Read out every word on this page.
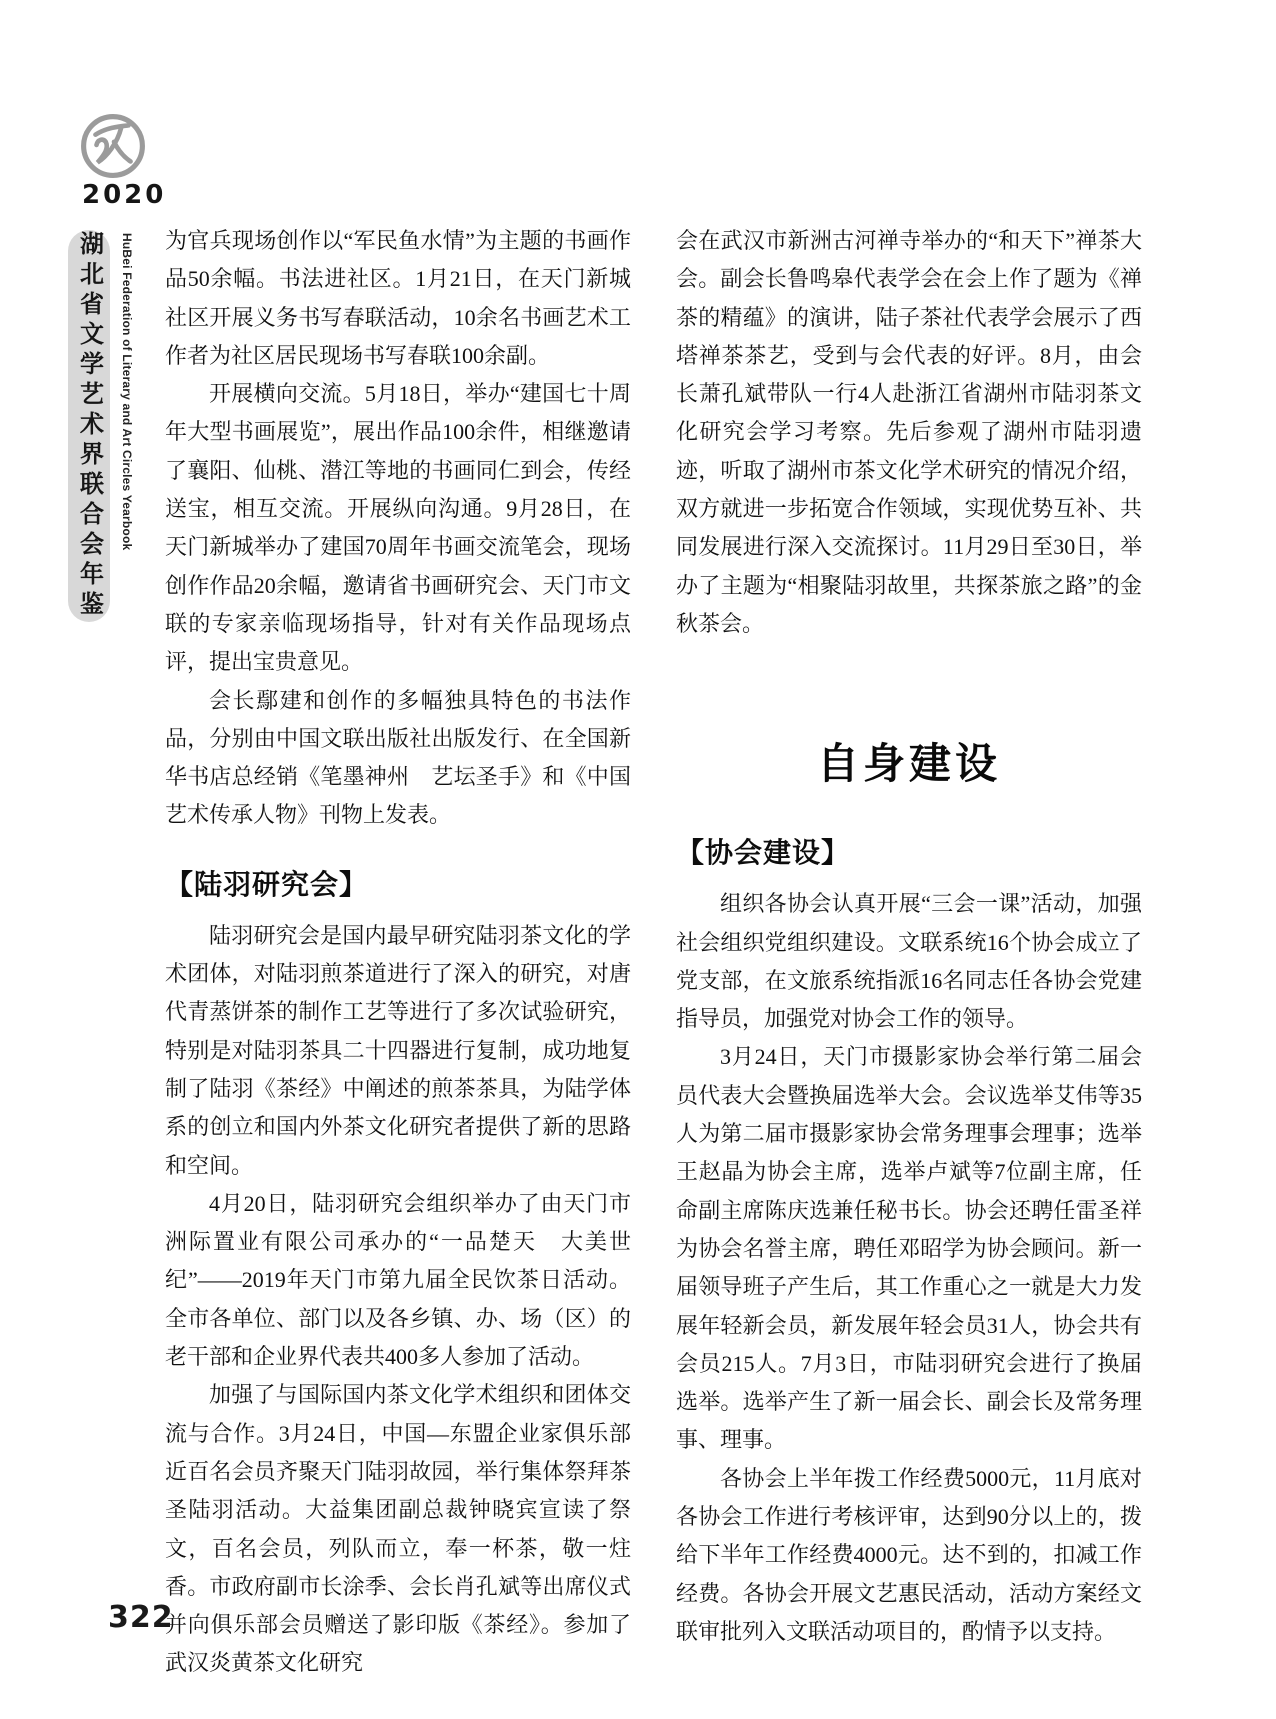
2020
湖北省文学艺术界联合会年鉴	HuBei Federation of Literary and Art Circles Yearbook 为官兵现场创作以“军民鱼水情”为主题的书画作品50余幅。书法进社区。1月21日，在天门新城社区开展义务书写春联活动，10余名书画艺术工作者为社区居民现场书写春联100余副。

开展横向交流。5月18日，举办“建国七十周年大型书画展览”，展出作品100余件，相继邀请了襄阳、仙桃、潜江等地的书画同仁到会，传经送宝，相互交流。开展纵向沟通。9月28日，在天门新城举办了建国70周年书画交流笔会，现场创作作品20余幅，邀请省书画研究会、天门市文联的专家亲临现场指导，针对有关作品现场点评，提出宝贵意见。

会长鄢建和创作的多幅独具特色的书法作品，分别由中国文联出版社出版发行、在全国新华书店总经销《笔墨神州　艺坛圣手》和《中国艺术传承人物》刊物上发表。

【陆羽研究会】

陆羽研究会是国内最早研究陆羽茶文化的学术团体，对陆羽煎茶道进行了深入的研究，对唐代青蒸饼茶的制作工艺等进行了多次试验研究，特别是对陆羽茶具二十四器进行复制，成功地复制了陆羽《茶经》中阐述的煎茶茶具，为陆学体系的创立和国内外茶文化研究者提供了新的思路和空间。

4月20日，陆羽研究会组织举办了由天门市洲际置业有限公司承办的“一品楚天　大美世纪”——2019年天门市第九届全民饮茶日活动。全市各单位、部门以及各乡镇、办、场（区）的老干部和企业界代表共400多人参加了活动。

加强了与国际国内茶文化学术组织和团体交流与合作。3月24日，中国—东盟企业家俱乐部近百名会员齐聚天门陆羽故园，举行集体祭拜茶圣陆羽活动。大益集团副总裁钟晓宾宣读了祭文，百名会员，列队而立，奉一杯茶，敬一炷香。市政府副市长涂季、会长肖孔斌等出席仪式并向俱乐部会员赠送了影印版《茶经》。参加了武汉炎黄茶文化研究

会在武汉市新洲古河禅寺举办的“和天下”禅茶大会。副会长鲁鸣皋代表学会在会上作了题为《禅茶的精蕴》的演讲，陆子茶社代表学会展示了西塔禅茶茶艺，受到与会代表的好评。8月，由会长萧孔斌带队一行4人赴浙江省湖州市陆羽茶文化研究会学习考察。先后参观了湖州市陆羽遗迹，听取了湖州市茶文化学术研究的情况介绍，双方就进一步拓宽合作领域，实现优势互补、共同发展进行深入交流探讨。11月29日至30日，举办了主题为“相聚陆羽故里，共探茶旅之路”的金秋茶会。

自身建设
【协会建设】

组织各协会认真开展“三会一课”活动，加强社会组织党组织建设。文联系统16个协会成立了党支部，在文旅系统指派16名同志任各协会党建指导员，加强党对协会工作的领导。

3月24日，天门市摄影家协会举行第二届会员代表大会暨换届选举大会。会议选举艾伟等35人为第二届市摄影家协会常务理事会理事；选举王赵晶为协会主席，选举卢斌等7位副主席，任命副主席陈庆选兼任秘书长。协会还聘任雷圣祥为协会名誉主席，聘任邓昭学为协会顾问。新一届领导班子产生后，其工作重心之一就是大力发展年轻新会员，新发展年轻会员31人，协会共有会员215人。7月3日，市陆羽研究会进行了换届选举。选举产生了新一届会长、副会长及常务理事、理事。

各协会上半年拨工作经费5000元，11月底对各协会工作进行考核评审，达到90分以上的，拨给下半年工作经费4000元。达不到的，扣减工作经费。各协会开展文艺惠民活动，活动方案经文联审批列入文联活动项目的，酌情予以支持。

322
